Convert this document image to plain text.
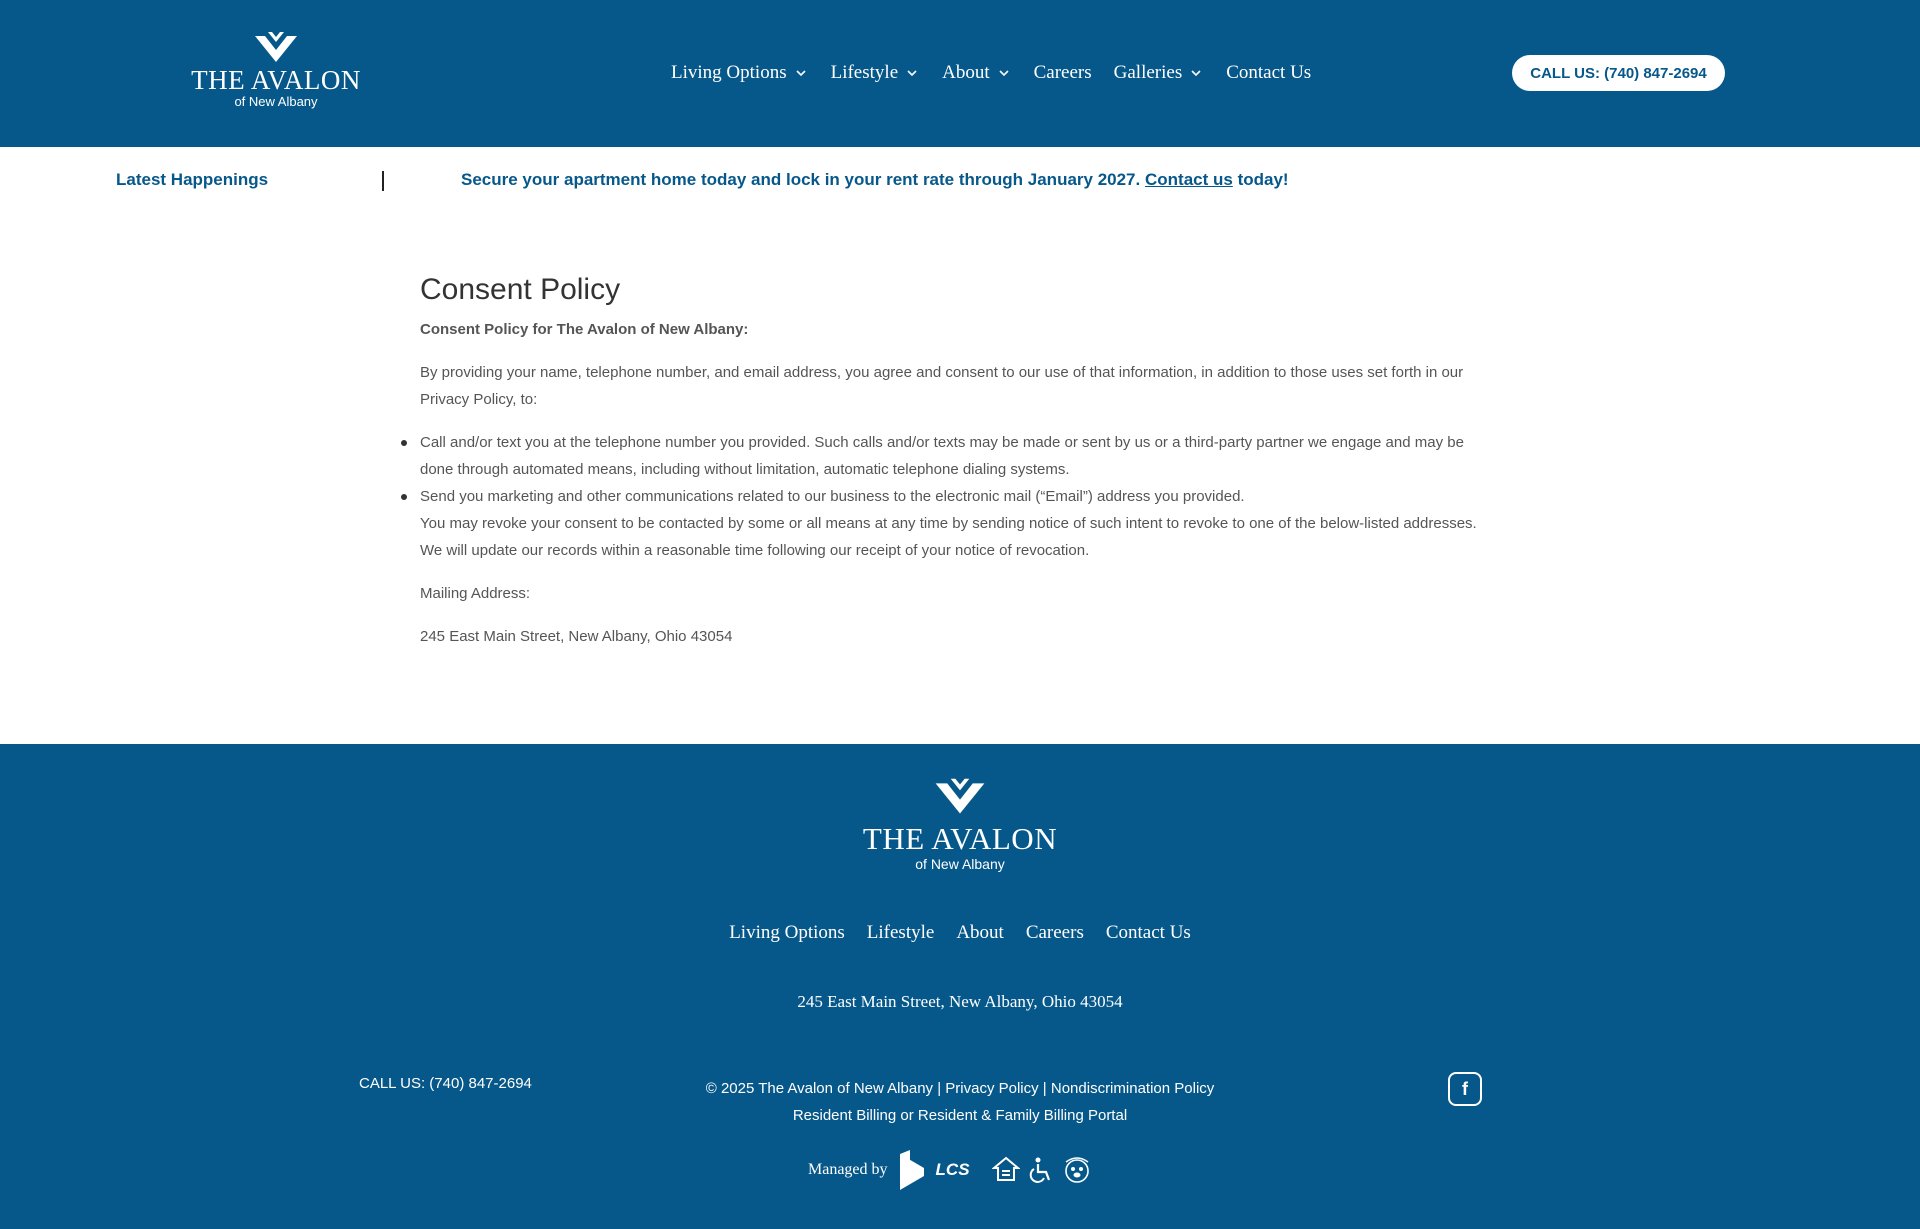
THE AVALON
of New Albany
Living Options Lifestyle About Careers Galleries Contact Us	CALL US: (740) 847-2694
Latest Happenings	Secure your apartment home today and lock in your rent rate through January 2027. Contact us today!
Consent Policy
Consent Policy for The Avalon of New Albany:

By providing your name, telephone number, and email address, you agree and consent to our use of that information, in addition to those uses set forth in our Privacy Policy, to:

Call and/or text you at the telephone number you provided. Such calls and/or texts may be made or sent by us or a third-party partner we engage and may be done through automated means, including without limitation, automatic telephone dialing systems.
Send you marketing and other communications related to our business to the electronic mail (“Email”) address you provided.
You may revoke your consent to be contacted by some or all means at any time by sending notice of such intent to revoke to one of the below-listed addresses. We will update our records within a reasonable time following our receipt of your notice of revocation.

Mailing Address:

245 East Main Street, New Albany, Ohio 43054

THE AVALON
of New Albany
Living Options Lifestyle About Careers Contact Us
245 East Main Street, New Albany, Ohio 43054
CALL US: (740) 847-2694	© 2025 The Avalon of New Albany | Privacy Policy | Nondiscrimination Policy
Resident Billing or Resident & Family Billing Portal
f
Managed by	LCS
